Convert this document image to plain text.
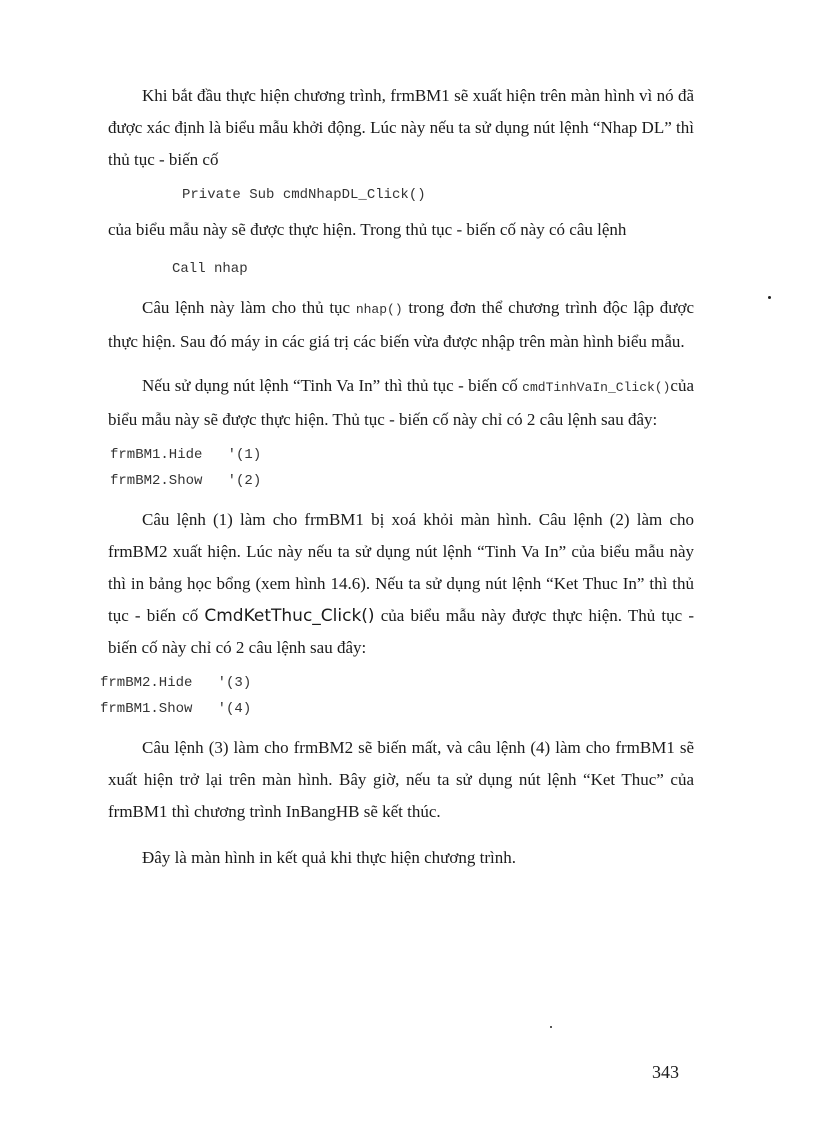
Khi bắt đầu thực hiện chương trình, frmBM1 sẽ xuất hiện trên màn hình vì nó đã được xác định là biểu mẫu khởi động. Lúc này nếu ta sử dụng nút lệnh “Nhap DL” thì thủ tục - biến cố

Private Sub cmdNhapDL_Click()

của biểu mẫu này sẽ được thực hiện. Trong thủ tục - biến cố này có câu lệnh

Call nhap

Câu lệnh này làm cho thủ tục nhap() trong đơn thể chương trình độc lập được thực hiện. Sau đó máy in các giá trị các biến vừa được nhập trên màn hình biểu mẫu.

Nếu sử dụng nút lệnh “Tinh Va In” thì thủ tục - biến cố cmdTinhVaIn_Click()của biểu mẫu này sẽ được thực hiện. Thủ tục - biến cố này chỉ có 2 câu lệnh sau đây:

frmBM1.Hide   '(1)
frmBM2.Show   '(2)

Câu lệnh (1) làm cho frmBM1 bị xoá khỏi màn hình. Câu lệnh (2) làm cho frmBM2 xuất hiện. Lúc này nếu ta sử dụng nút lệnh “Tinh Va In” của biểu mẫu này thì in bảng học bổng (xem hình 14.6). Nếu ta sử dụng nút lệnh “Ket Thuc In” thì thủ tục - biến cố CmdKetThuc_Click() của biểu mẫu này được thực hiện. Thủ tục - biến cố này chỉ có 2 câu lệnh sau đây:

frmBM2.Hide   '(3)
frmBM1.Show   '(4)

Câu lệnh (3) làm cho frmBM2 sẽ biến mất, và câu lệnh (4) làm cho frmBM1 sẽ xuất hiện trở lại trên màn hình. Bây giờ, nếu ta sử dụng nút lệnh “Ket Thuc” của frmBM1 thì chương trình InBangHB sẽ kết thúc.

Đây là màn hình in kết quả khi thực hiện chương trình.

343
